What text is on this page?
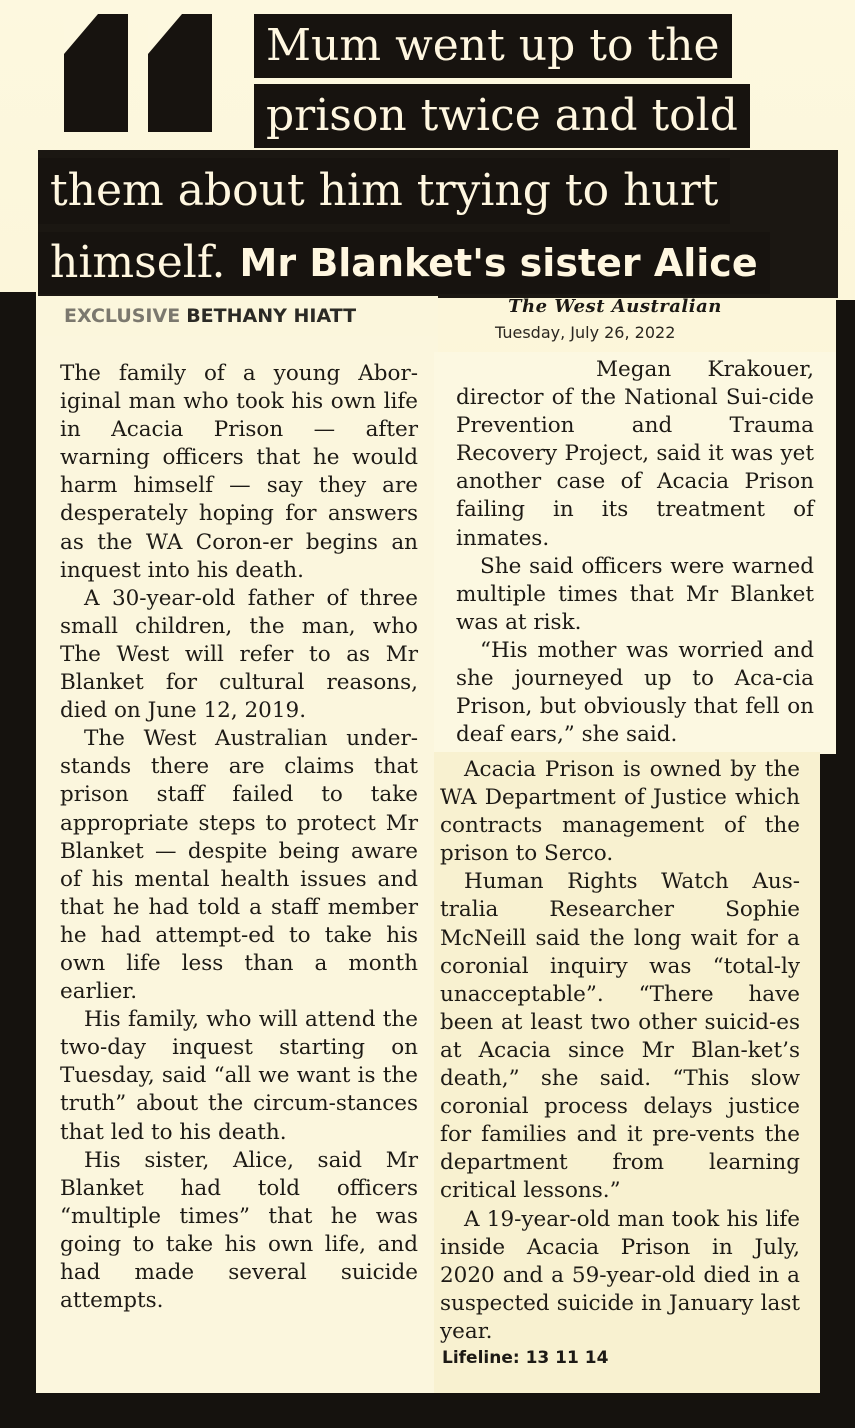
Mum went up to the
prison twice and told
them about him trying to hurt
himself. Mr Blanket's sister Alice
EXCLUSIVE BETHANY HIATT	The West Australian
Tuesday, July 26, 2022

The family of a young Abor-iginal man who took his own life in Acacia Prison — after warning officers that he would harm himself — say they are desperately hoping for answers as the WA Coron-er begins an inquest into his death.

A 30-year-old father of three small children, the man, who The West will refer to as Mr Blanket for cultural reasons, died on June 12, 2019.

The West Australian under-stands there are claims that prison staff failed to take appropriate steps to protect Mr Blanket — despite being aware of his mental health issues and that he had told a staff member he had attempt-ed to take his own life less than a month earlier.

His family, who will attend the two-day inquest starting on Tuesday, said “all we want is the truth” about the circum-stances that led to his death.

His sister, Alice, said Mr Blanket had told officers “multiple times” that he was going to take his own life, and had made several suicide attempts.

Megan Krakouer, director of the National Sui-cide Prevention and Trauma Recovery Project, said it was yet another case of Acacia Prison failing in its treatment of inmates.

She said officers were warned multiple times that Mr Blanket was at risk.

“His mother was worried and she journeyed up to Aca-cia Prison, but obviously that fell on deaf ears,” she said.

Acacia Prison is owned by the WA Department of Justice which contracts management of the prison to Serco.

Human Rights Watch Aus-tralia Researcher Sophie McNeill said the long wait for a coronial inquiry was “total-ly unacceptable”. “There have been at least two other suicid-es at Acacia since Mr Blan-ket’s death,” she said. “This slow coronial process delays justice for families and it pre-vents the department from learning critical lessons.”

A 19-year-old man took his life inside Acacia Prison in July, 2020 and a 59-year-old died in a suspected suicide in January last year.

Lifeline: 13 11 14
